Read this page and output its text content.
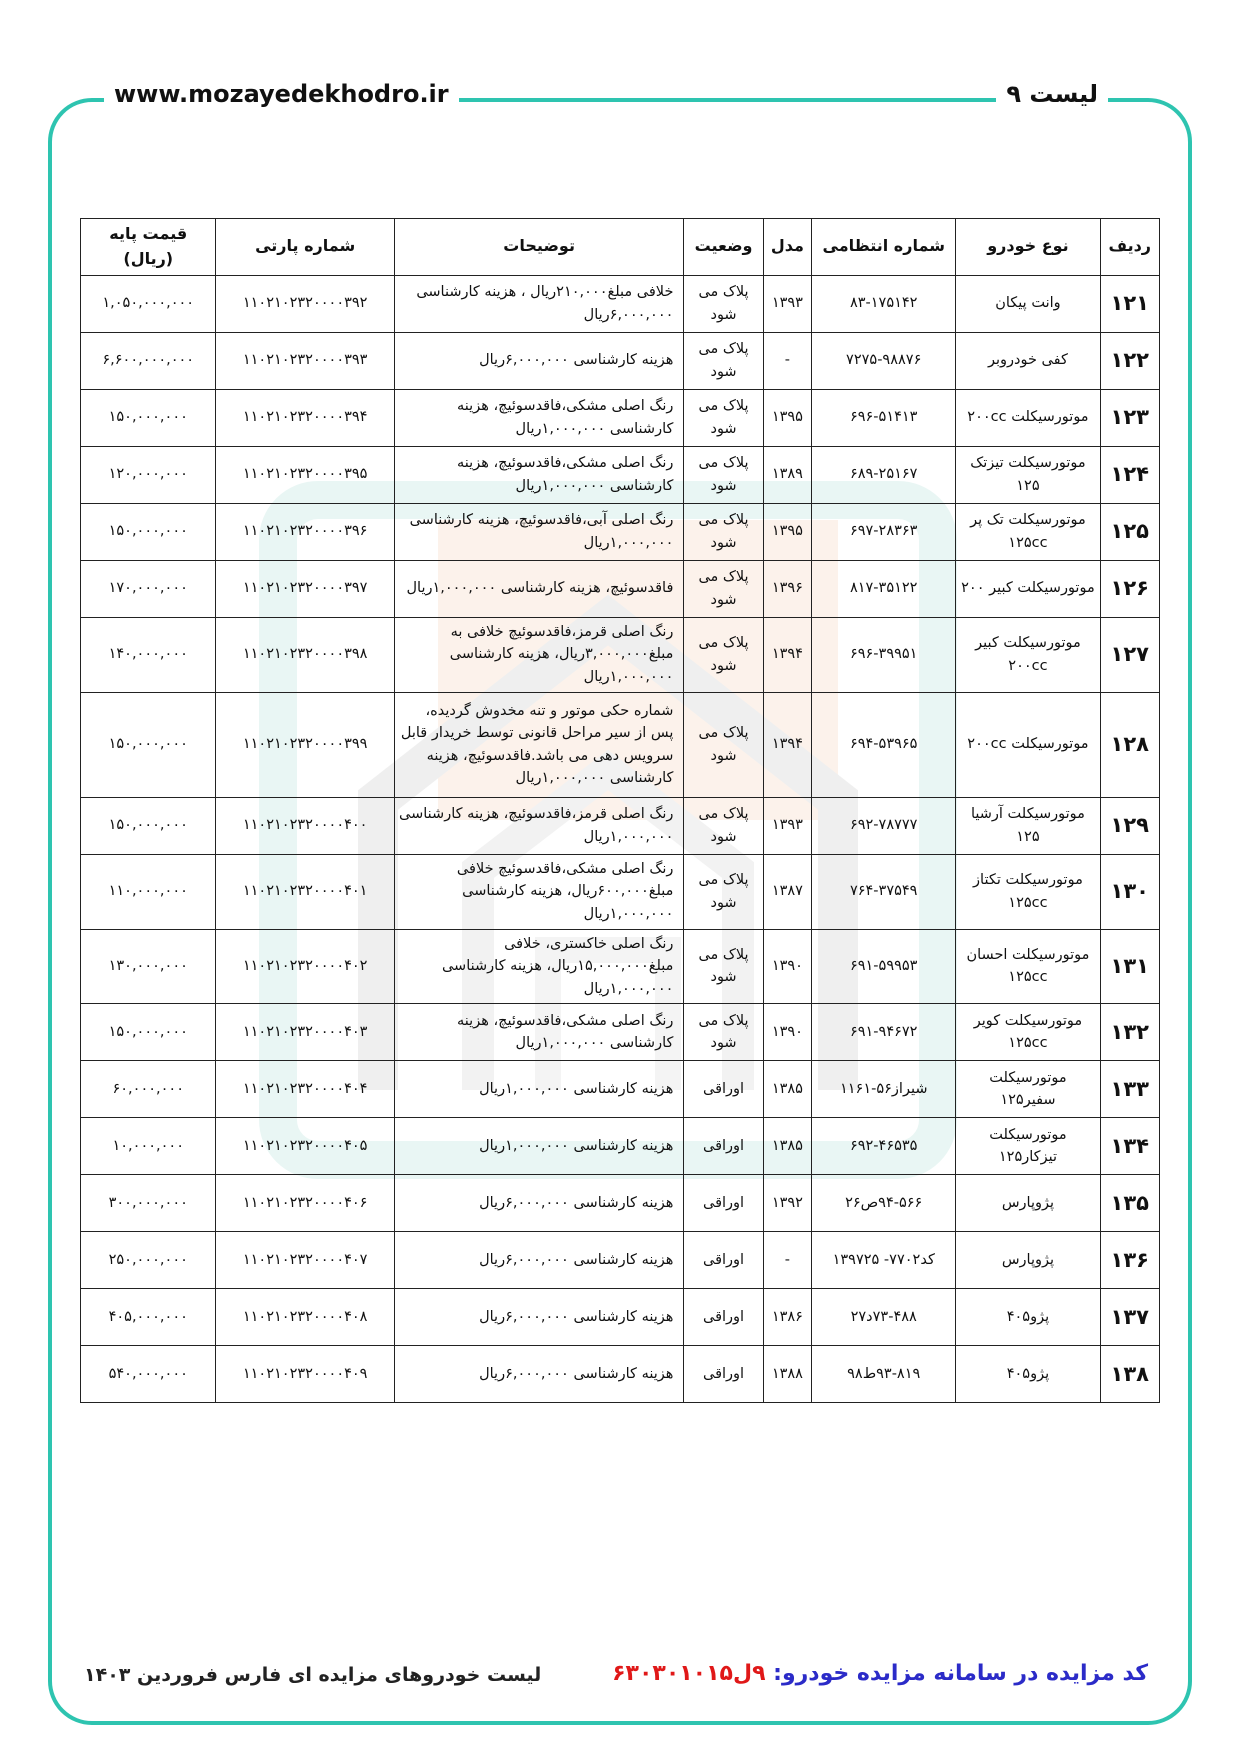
www.mozayedekhodro.ir	لیست ۹
ردیف	نوع خودرو	شماره انتظامی	مدل	وضعیت	توضیحات	شماره پارتی	قیمت پایه (ریال)
۱۲۱	وانت پیکان	۸۳-۱۷۵۱۴۲	۱۳۹۳	پلاک می شود	خلافی مبلغ۲۱۰,۰۰۰ریال ، هزینه کارشناسی ۶,۰۰۰,۰۰۰ریال	۱۱۰۲۱۰۲۳۲۰۰۰۰۳۹۲	۱,۰۵۰,۰۰۰,۰۰۰
۱۲۲	کفی خودروبر	۷۲۷۵-۹۸۸۷۶	-	پلاک می شود	هزینه کارشناسی ۶,۰۰۰,۰۰۰ریال	۱۱۰۲۱۰۲۳۲۰۰۰۰۳۹۳	۶,۶۰۰,۰۰۰,۰۰۰
۱۲۳	موتورسیکلت ۲۰۰cc	۶۹۶-۵۱۴۱۳	۱۳۹۵	پلاک می شود	رنگ اصلی مشکی،فاقدسوئیچ، هزینه کارشناسی ۱,۰۰۰,۰۰۰ریال	۱۱۰۲۱۰۲۳۲۰۰۰۰۳۹۴	۱۵۰,۰۰۰,۰۰۰
۱۲۴	موتورسیکلت تیزتک ۱۲۵	۶۸۹-۲۵۱۶۷	۱۳۸۹	پلاک می شود	رنگ اصلی مشکی،فاقدسوئیچ، هزینه کارشناسی ۱,۰۰۰,۰۰۰ریال	۱۱۰۲۱۰۲۳۲۰۰۰۰۳۹۵	۱۲۰,۰۰۰,۰۰۰
۱۲۵	موتورسیکلت تک پر ۱۲۵cc	۶۹۷-۲۸۳۶۳	۱۳۹۵	پلاک می شود	رنگ اصلی آبی،فاقدسوئیچ، هزینه کارشناسی ۱,۰۰۰,۰۰۰ریال	۱۱۰۲۱۰۲۳۲۰۰۰۰۳۹۶	۱۵۰,۰۰۰,۰۰۰
۱۲۶	موتورسیکلت کبیر ۲۰۰	۸۱۷-۳۵۱۲۲	۱۳۹۶	پلاک می شود	فاقدسوئیچ، هزینه کارشناسی ۱,۰۰۰,۰۰۰ریال	۱۱۰۲۱۰۲۳۲۰۰۰۰۳۹۷	۱۷۰,۰۰۰,۰۰۰
۱۲۷	موتورسیکلت کبیر ۲۰۰cc	۶۹۶-۳۹۹۵۱	۱۳۹۴	پلاک می شود	رنگ اصلی قرمز،فاقدسوئیچ خلافی به مبلغ۳,۰۰۰,۰۰۰ریال، هزینه کارشناسی ۱,۰۰۰,۰۰۰ریال	۱۱۰۲۱۰۲۳۲۰۰۰۰۳۹۸	۱۴۰,۰۰۰,۰۰۰
۱۲۸	موتورسیکلت ۲۰۰cc	۶۹۴-۵۳۹۶۵	۱۳۹۴	پلاک می شود	شماره حکی موتور و تنه مخدوش گردیده، پس از سیر مراحل قانونی توسط خریدار قابل سرویس دهی می باشد.فاقدسوئیچ، هزینه کارشناسی ۱,۰۰۰,۰۰۰ریال	۱۱۰۲۱۰۲۳۲۰۰۰۰۳۹۹	۱۵۰,۰۰۰,۰۰۰
۱۲۹	موتورسیکلت آرشیا ۱۲۵	۶۹۲-۷۸۷۷۷	۱۳۹۳	پلاک می شود	رنگ اصلی قرمز،فاقدسوئیچ، هزینه کارشناسی ۱,۰۰۰,۰۰۰ریال	۱۱۰۲۱۰۲۳۲۰۰۰۰۴۰۰	۱۵۰,۰۰۰,۰۰۰
۱۳۰	موتورسیکلت تکتاز ۱۲۵cc	۷۶۴-۳۷۵۴۹	۱۳۸۷	پلاک می شود	رنگ اصلی مشکی،فاقدسوئیچ خلافی مبلغ۶۰۰,۰۰۰ریال، هزینه کارشناسی ۱,۰۰۰,۰۰۰ریال	۱۱۰۲۱۰۲۳۲۰۰۰۰۴۰۱	۱۱۰,۰۰۰,۰۰۰
۱۳۱	موتورسیکلت احسان ۱۲۵cc	۶۹۱-۵۹۹۵۳	۱۳۹۰	پلاک می شود	رنگ اصلی خاکستری، خلافی مبلغ۱۵,۰۰۰,۰۰۰ریال، هزینه کارشناسی ۱,۰۰۰,۰۰۰ریال	۱۱۰۲۱۰۲۳۲۰۰۰۰۴۰۲	۱۳۰,۰۰۰,۰۰۰
۱۳۲	موتورسیکلت کویر ۱۲۵cc	۶۹۱-۹۴۶۷۲	۱۳۹۰	پلاک می شود	رنگ اصلی مشکی،فاقدسوئیچ، هزینه کارشناسی ۱,۰۰۰,۰۰۰ریال	۱۱۰۲۱۰۲۳۲۰۰۰۰۴۰۳	۱۵۰,۰۰۰,۰۰۰
۱۳۳	موتورسیکلت سفیر۱۲۵	شیراز۵۶-۱۱۶۱	۱۳۸۵	اوراقی	هزینه کارشناسی ۱,۰۰۰,۰۰۰ریال	۱۱۰۲۱۰۲۳۲۰۰۰۰۴۰۴	۶۰,۰۰۰,۰۰۰
۱۳۴	موتورسیکلت تیزکار۱۲۵	۶۹۲-۴۶۵۳۵	۱۳۸۵	اوراقی	هزینه کارشناسی ۱,۰۰۰,۰۰۰ریال	۱۱۰۲۱۰۲۳۲۰۰۰۰۴۰۵	۱۰,۰۰۰,۰۰۰
۱۳۵	پژوپارس	۹۴-۵۶۶ص۲۶	۱۳۹۲	اوراقی	هزینه کارشناسی ۶,۰۰۰,۰۰۰ریال	۱۱۰۲۱۰۲۳۲۰۰۰۰۴۰۶	۳۰۰,۰۰۰,۰۰۰
۱۳۶	پژوپارس	کد۷۷۰۲- ۱۳۹۷۲۵	-	اوراقی	هزینه کارشناسی ۶,۰۰۰,۰۰۰ریال	۱۱۰۲۱۰۲۳۲۰۰۰۰۴۰۷	۲۵۰,۰۰۰,۰۰۰
۱۳۷	پژو۴۰۵	۷۳-۴۸۸د۲۷	۱۳۸۶	اوراقی	هزینه کارشناسی ۶,۰۰۰,۰۰۰ریال	۱۱۰۲۱۰۲۳۲۰۰۰۰۴۰۸	۴۰۵,۰۰۰,۰۰۰
۱۳۸	پژو۴۰۵	۹۳-۸۱۹ط۹۸	۱۳۸۸	اوراقی	هزینه کارشناسی ۶,۰۰۰,۰۰۰ریال	۱۱۰۲۱۰۲۳۲۰۰۰۰۴۰۹	۵۴۰,۰۰۰,۰۰۰
کد مزایده در سامانه مزایده خودرو: ۹ل۶۳۰۳۰۱۰۱۵
لیست خودروهای مزایده ای فارس فروردین ۱۴۰۳
